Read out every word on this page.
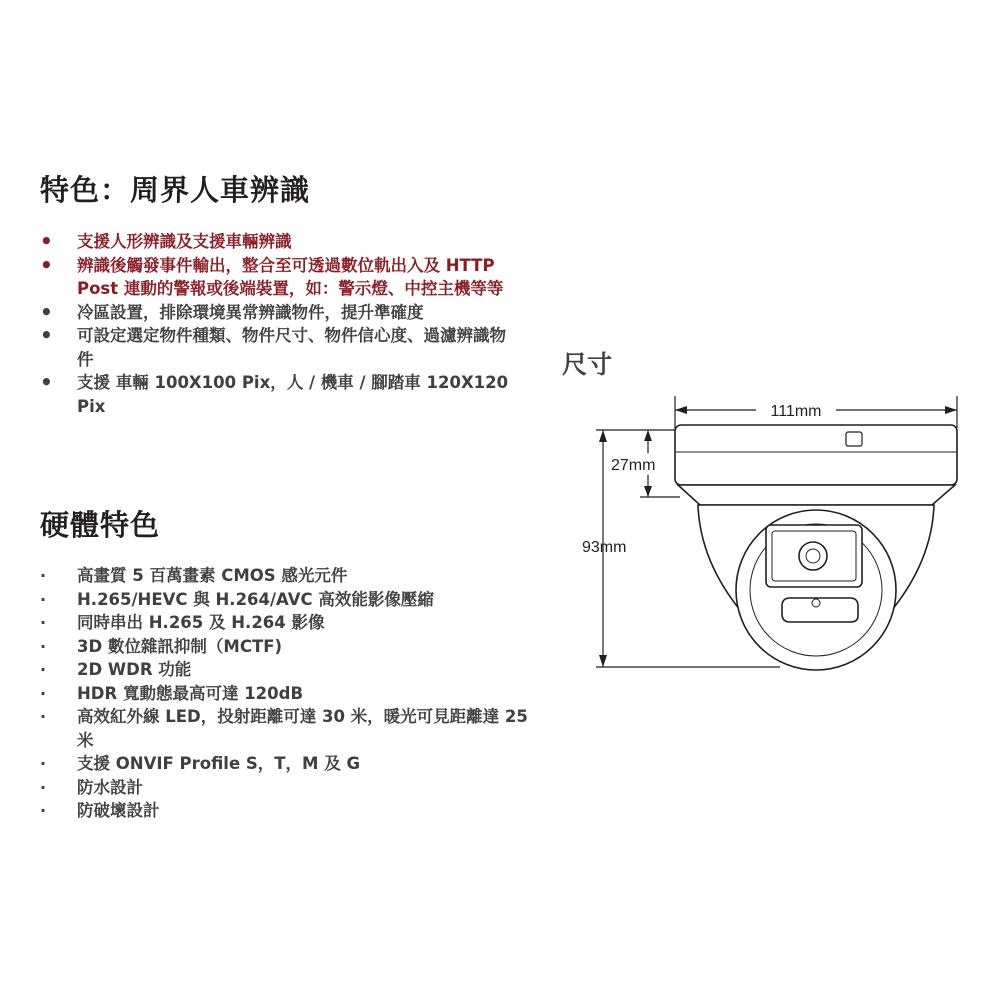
特色：周界人車辨識
•	支援人形辨識及支援車輛辨識
•	辨識後觸發事件輸出，整合至可透過數位軌出入及 HTTP Post 連動的警報或後端裝置，如：警示燈、中控主機等等
•	冷區設置，排除環境異常辨識物件，提升準確度
•	可設定選定物件種類、物件尺寸、物件信心度、過濾辨識物件
•	支援 車輛 100X100 Pix，人 / 機車 / 腳踏車 120X120 Pix
硬體特色
·	高畫質 5 百萬畫素 CMOS 感光元件
·	H.265/HEVC 與 H.264/AVC 高效能影像壓縮
·	同時串出 H.265 及 H.264 影像
·	3D 數位雜訊抑制（MCTF)
·	2D WDR 功能
·	HDR 寬動態最高可達 120dB
·	高效紅外線 LED，投射距離可達 30 米，暖光可見距離達 25 米
·	支援 ONVIF Profile S，T，M 及 G
·	防水設計
·	防破壞設計
尺寸
111mm
27mm
93mm
